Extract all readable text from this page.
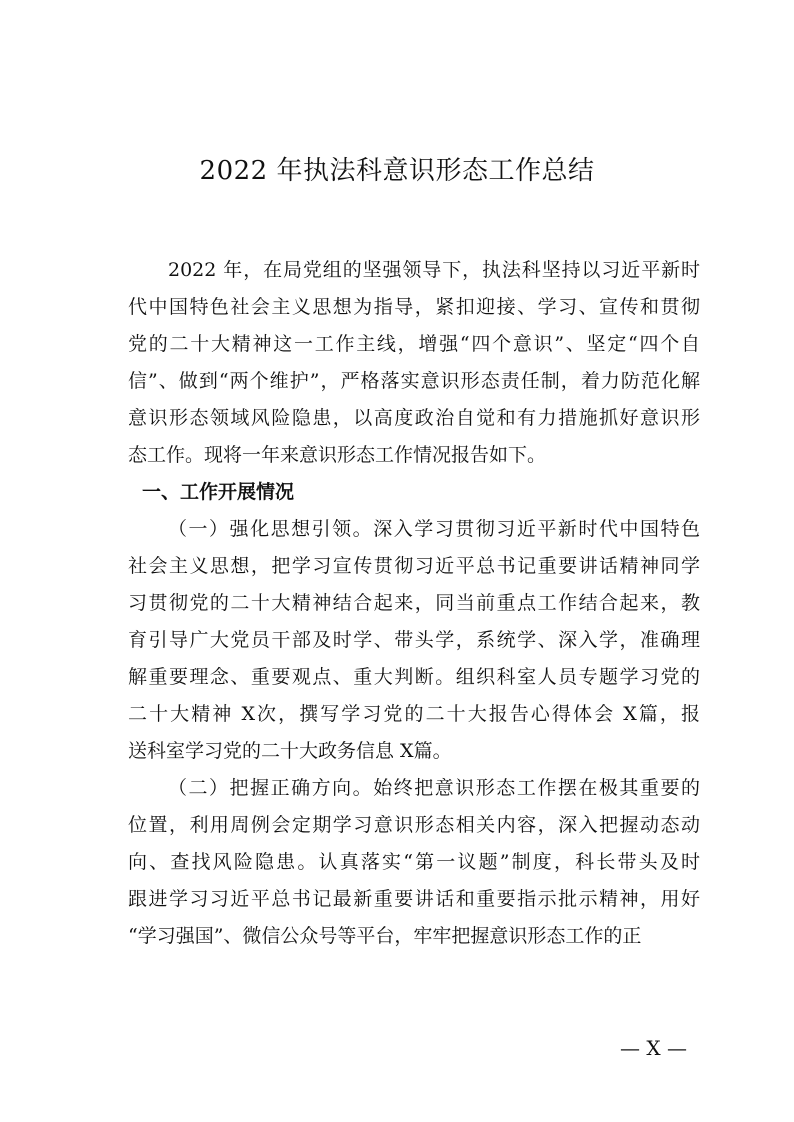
2022 年执法科意识形态工作总结
2022 年，在局党组的坚强领导下，执法科坚持以习近平新时
代中国特色社会主义思想为指导，紧扣迎接、学习、宣传和贯彻
党的二十大精神这一工作主线，增强“四个意识”、坚定“四个自
信”、做到“两个维护”，严格落实意识形态责任制，着力防范化解
意识形态领域风险隐患，以高度政治自觉和有力措施抓好意识形
态工作。现将一年来意识形态工作情况报告如下。
一、工作开展情况
（一）强化思想引领。深入学习贯彻习近平新时代中国特色
社会主义思想，把学习宣传贯彻习近平总书记重要讲话精神同学
习贯彻党的二十大精神结合起来，同当前重点工作结合起来，教
育引导广大党员干部及时学、带头学，系统学、深入学，准确理
解重要理念、重要观点、重大判断。组织科室人员专题学习党的
二十大精神 X次，撰写学习党的二十大报告心得体会 X篇，报
送科室学习党的二十大政务信息 X篇。
（二）把握正确方向。始终把意识形态工作摆在极其重要的
位置，利用周例会定期学习意识形态相关内容，深入把握动态动
向、查找风险隐患。认真落实“第一议题”制度，科长带头及时
跟进学习习近平总书记最新重要讲话和重要指示批示精神，用好
“学习强国”、微信公众号等平台，牢牢把握意识形态工作的正
— X —
